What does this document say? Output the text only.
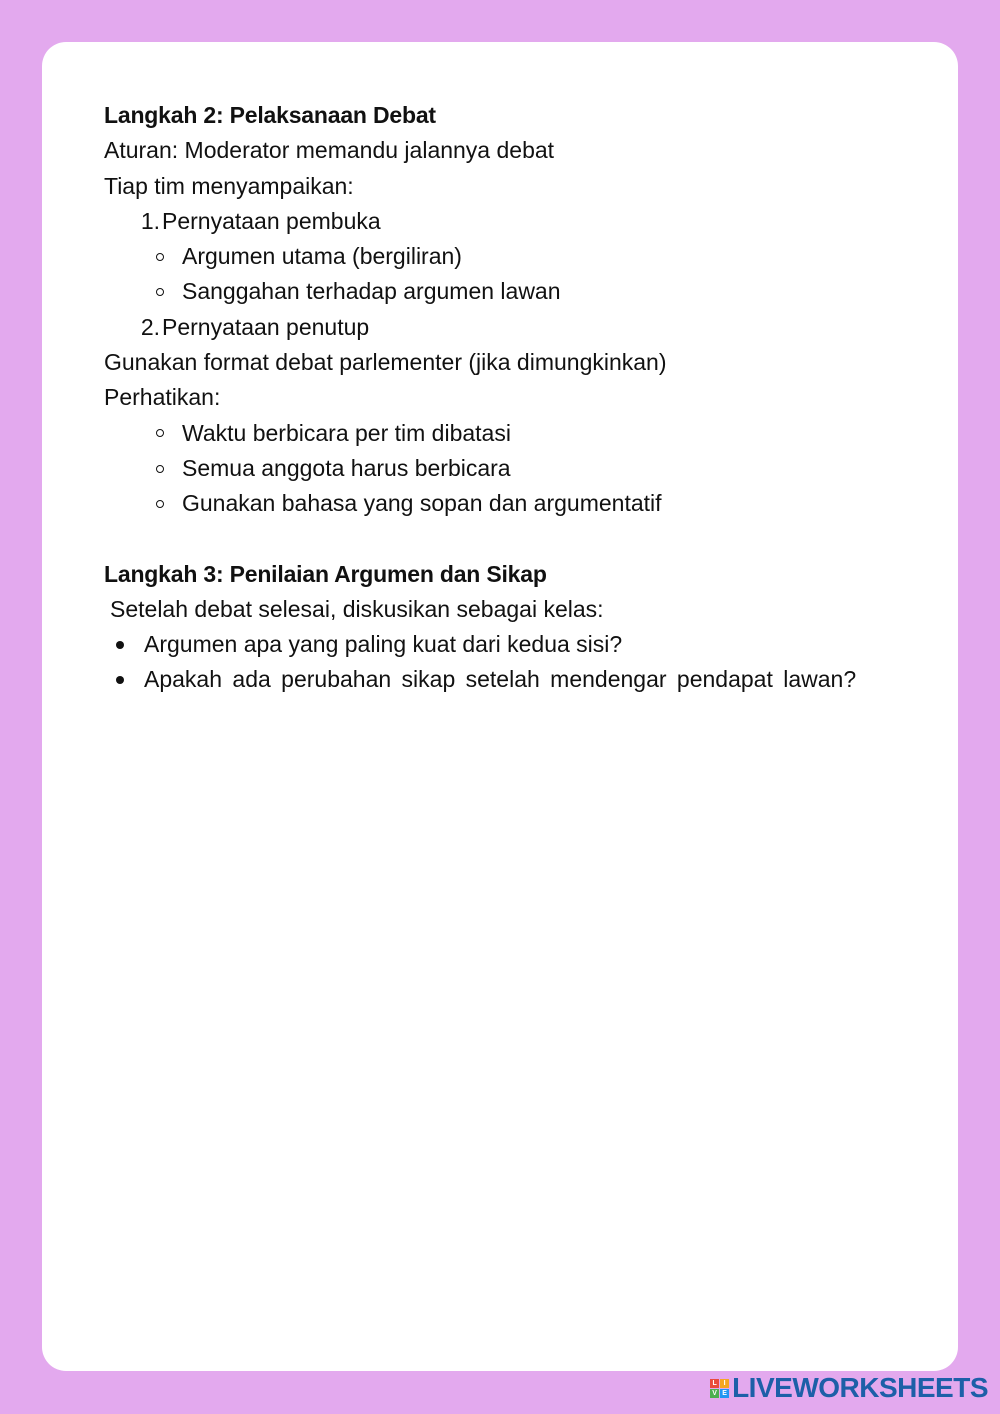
Langkah 2: Pelaksanaan Debat

Aturan: Moderator memandu jalannya debat

Tiap tim menyampaikan:

1. Pernyataan pembuka
Argumen utama (bergiliran)
Sanggahan terhadap argumen lawan
2. Pernyataan penutup

Gunakan format debat parlementer (jika dimungkinkan)

Perhatikan:

Waktu berbicara per tim dibatasi
Semua anggota harus berbicara
Gunakan bahasa yang sopan dan argumentatif

Langkah 3: Penilaian Argumen dan Sikap

Setelah debat selesai, diskusikan sebagai kelas:

Argumen apa yang paling kuat dari kedua sisi?
Apakah ada perubahan sikap setelah mendengar pendapat lawan?
L I
V E LIVEWORKSHEETS
